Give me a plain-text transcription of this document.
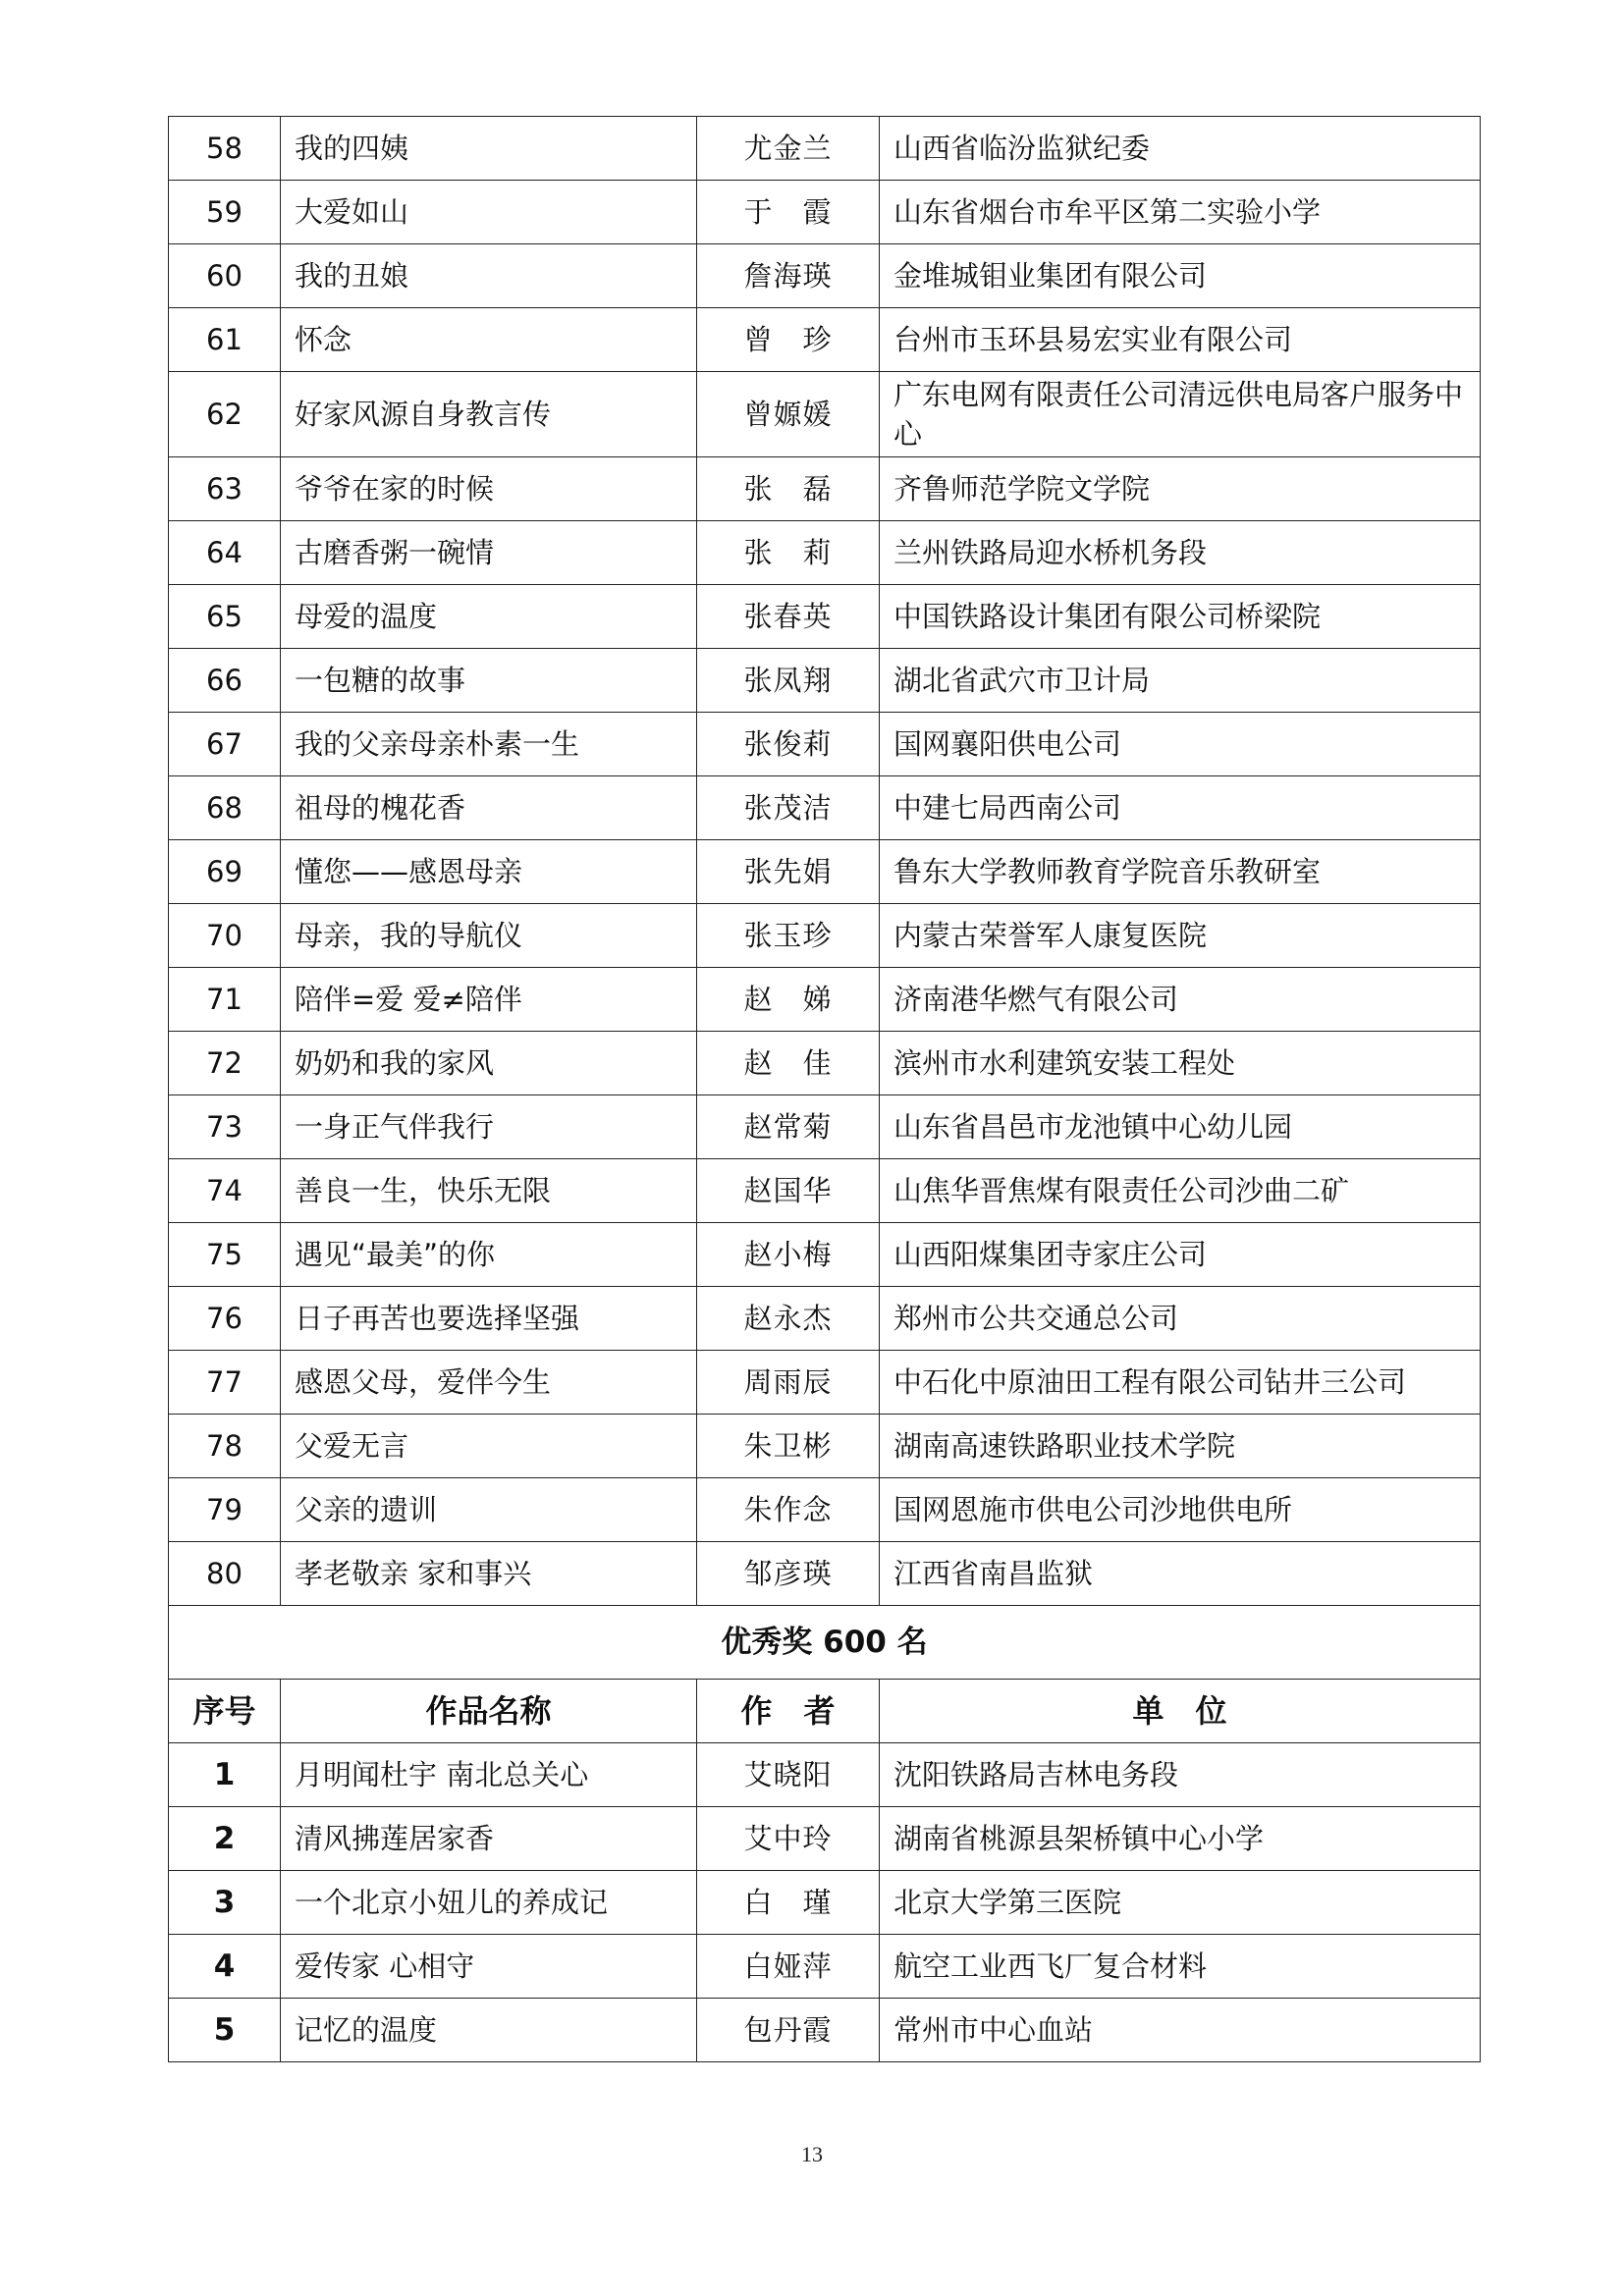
58	我的四姨	尤金兰	山西省临汾监狱纪委
59	大爱如山	于　霞	山东省烟台市牟平区第二实验小学
60	我的丑娘	詹海瑛	金堆城钼业集团有限公司
61	怀念	曾　珍	台州市玉环县易宏实业有限公司
62	好家风源自身教言传	曾嫄媛	广东电网有限责任公司清远供电局客户服务中心
63	爷爷在家的时候	张　磊	齐鲁师范学院文学院
64	古磨香粥一碗情	张　莉	兰州铁路局迎水桥机务段
65	母爱的温度	张春英	中国铁路设计集团有限公司桥梁院
66	一包糖的故事	张凤翔	湖北省武穴市卫计局
67	我的父亲母亲朴素一生	张俊莉	国网襄阳供电公司
68	祖母的槐花香	张茂洁	中建七局西南公司
69	懂您——感恩母亲	张先娟	鲁东大学教师教育学院音乐教研室
70	母亲，我的导航仪	张玉珍	内蒙古荣誉军人康复医院
71	陪伴=爱 爱≠陪伴	赵　娣	济南港华燃气有限公司
72	奶奶和我的家风	赵　佳	滨州市水利建筑安装工程处
73	一身正气伴我行	赵常菊	山东省昌邑市龙池镇中心幼儿园
74	善良一生，快乐无限	赵国华	山焦华晋焦煤有限责任公司沙曲二矿
75	遇见“最美”的你	赵小梅	山西阳煤集团寺家庄公司
76	日子再苦也要选择坚强	赵永杰	郑州市公共交通总公司
77	感恩父母，爱伴今生	周雨辰	中石化中原油田工程有限公司钻井三公司
78	父爱无言	朱卫彬	湖南高速铁路职业技术学院
79	父亲的遗训	朱作念	国网恩施市供电公司沙地供电所
80	孝老敬亲 家和事兴	邹彦瑛	江西省南昌监狱
优秀奖 600 名			
序号	作品名称	作　者	单　位
1	月明闻杜宇 南北总关心	艾晓阳	沈阳铁路局吉林电务段
2	清风拂莲居家香	艾中玲	湖南省桃源县架桥镇中心小学
3	一个北京小妞儿的养成记	白　瑾	北京大学第三医院
4	爱传家 心相守	白娅萍	航空工业西飞厂复合材料
5	记忆的温度	包丹霞	常州市中心血站
13
